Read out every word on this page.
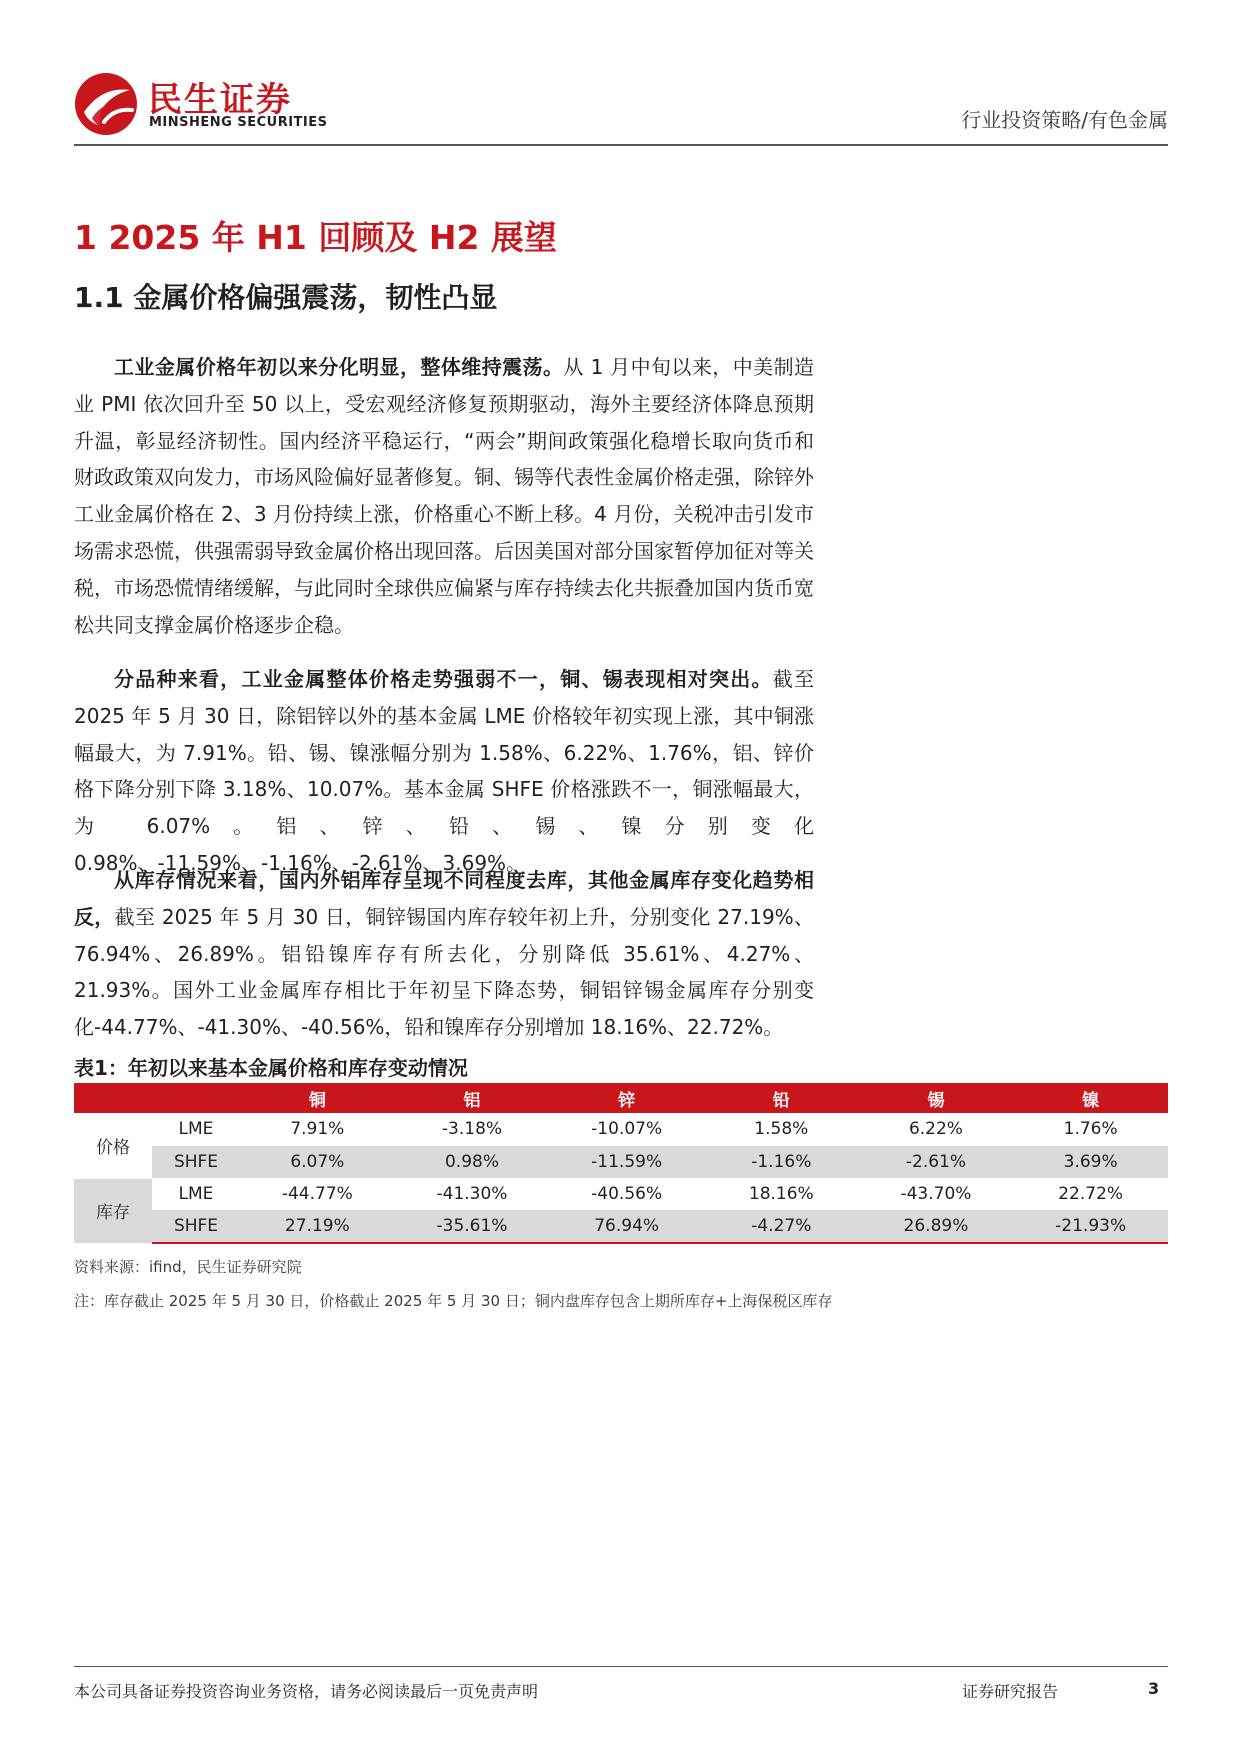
民生证券
MINSHENG SECURITIES	行业投资策略/有色金属
1 2025 年 H1 回顾及 H2 展望
1.1 金属价格偏强震荡，韧性凸显

工业金属价格年初以来分化明显，整体维持震荡。从 1 月中旬以来，中美制造业 PMI 依次回升至 50 以上，受宏观经济修复预期驱动，海外主要经济体降息预期升温，彰显经济韧性。国内经济平稳运行，“两会”期间政策强化稳增长取向货币和财政政策双向发力，市场风险偏好显著修复。铜、锡等代表性金属价格走强，除锌外工业金属价格在 2、3 月份持续上涨，价格重心不断上移。4 月份，关税冲击引发市场需求恐慌，供强需弱导致金属价格出现回落。后因美国对部分国家暂停加征对等关税，市场恐慌情绪缓解，与此同时全球供应偏紧与库存持续去化共振叠加国内货币宽松共同支撑金属价格逐步企稳。

分品种来看，工业金属整体价格走势强弱不一，铜、锡表现相对突出。截至 2025 年 5 月 30 日，除铝锌以外的基本金属 LME 价格较年初实现上涨，其中铜涨幅最大，为 7.91%。铅、锡、镍涨幅分别为 1.58%、6.22%、1.76%，铝、锌价格下降分别下降 3.18%、10.07%。基本金属 SHFE 价格涨跌不一，铜涨幅最大，为 6.07%。铝、锌、铅、锡、镍分别变化 0.98%、-11.59%、-1.16%、-2.61%、3.69%。

从库存情况来看，国内外铝库存呈现不同程度去库，其他金属库存变化趋势相反，截至 2025 年 5 月 30 日，铜锌锡国内库存较年初上升，分别变化 27.19%、76.94%、26.89%。铝铅镍库存有所去化，分别降低 35.61%、4.27%、21.93%。国外工业金属库存相比于年初呈下降态势，铜铝锌锡金属库存分别变化-44.77%、-41.30%、-40.56%，铅和镍库存分别增加 18.16%、22.72%。

表1：年初以来基本金属价格和库存变动情况
		铜	铝	锌	铅	锡	镍
价格	LME	7.91%	-3.18%	-10.07%	1.58%	6.22%	1.76%
	SHFE	6.07%	0.98%	-11.59%	-1.16%	-2.61%	3.69%
库存	LME	-44.77%	-41.30%	-40.56%	18.16%	-43.70%	22.72%
	SHFE	27.19%	-35.61%	76.94%	-4.27%	26.89%	-21.93%
资料来源：ifind，民生证券研究院
注：库存截止 2025 年 5 月 30 日，价格截止 2025 年 5 月 30 日；铜内盘库存包含上期所库存+上海保税区库存
本公司具备证券投资咨询业务资格，请务必阅读最后一页免责声明	证券研究报告	3
